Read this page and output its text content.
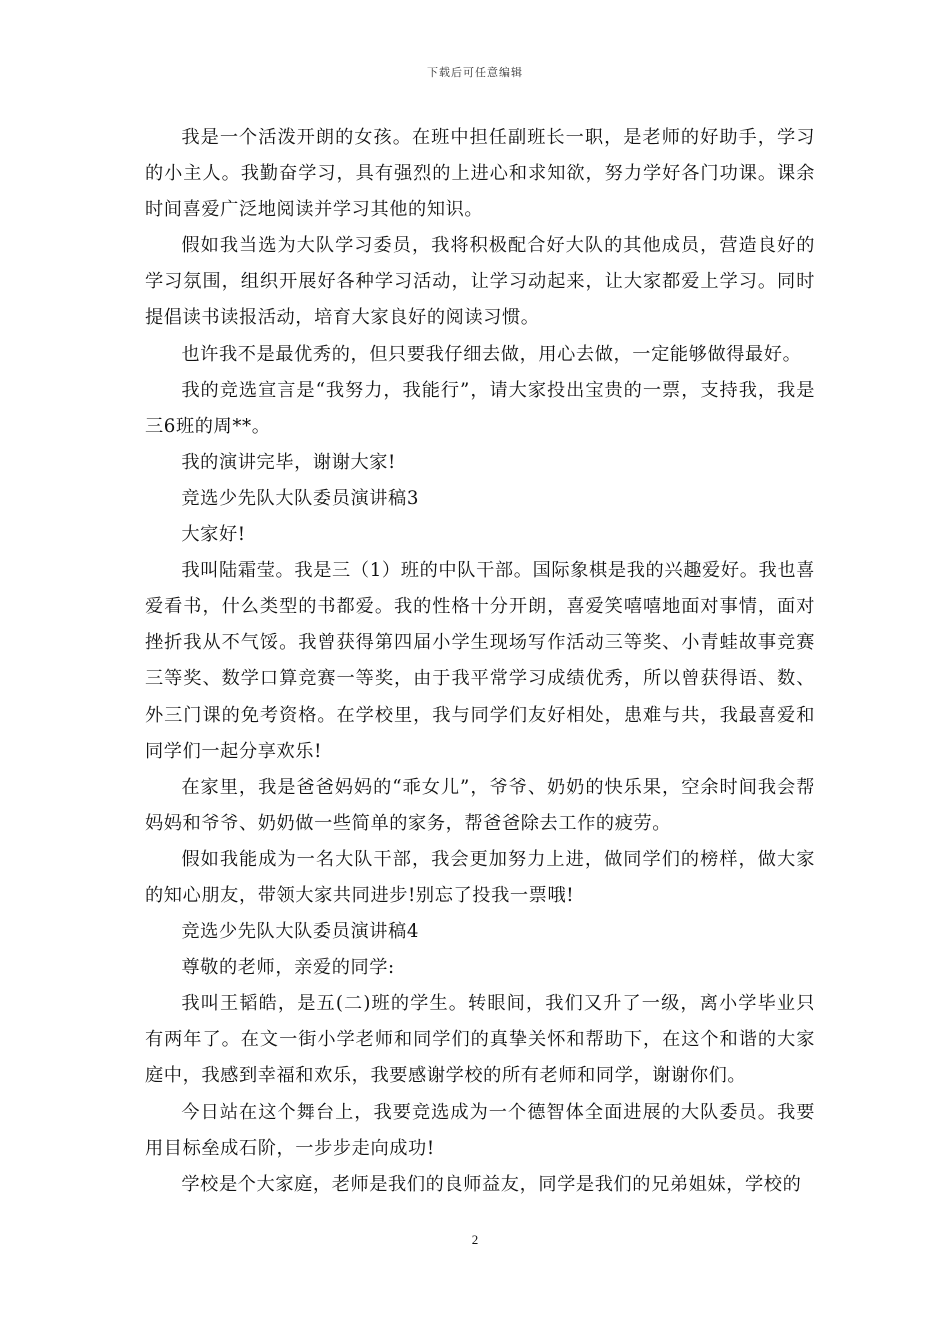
下载后可任意编辑

我是一个活泼开朗的女孩。在班中担任副班长一职，是老师的好助手，学习的小主人。我勤奋学习，具有强烈的上进心和求知欲，努力学好各门功课。课余时间喜爱广泛地阅读并学习其他的知识。

假如我当选为大队学习委员，我将积极配合好大队的其他成员，营造良好的学习氛围，组织开展好各种学习活动，让学习动起来，让大家都爱上学习。同时提倡读书读报活动，培育大家良好的阅读习惯。

也许我不是最优秀的，但只要我仔细去做，用心去做，一定能够做得最好。

我的竞选宣言是“我努力，我能行”，请大家投出宝贵的一票，支持我，我是三6班的周**。

我的演讲完毕，谢谢大家!

竞选少先队大队委员演讲稿3

大家好!

我叫陆霜莹。我是三（1）班的中队干部。国际象棋是我的兴趣爱好。我也喜爱看书，什么类型的书都爱。我的性格十分开朗，喜爱笑嘻嘻地面对事情，面对挫折我从不气馁。我曾获得第四届小学生现场写作活动三等奖、小青蛙故事竞赛三等奖、数学口算竞赛一等奖，由于我平常学习成绩优秀，所以曾获得语、数、外三门课的免考资格。在学校里，我与同学们友好相处，患难与共，我最喜爱和同学们一起分享欢乐!

在家里，我是爸爸妈妈的“乖女儿”，爷爷、奶奶的快乐果，空余时间我会帮妈妈和爷爷、奶奶做一些简单的家务，帮爸爸除去工作的疲劳。

假如我能成为一名大队干部，我会更加努力上进，做同学们的榜样，做大家的知心朋友，带领大家共同进步!别忘了投我一票哦!

竞选少先队大队委员演讲稿4

尊敬的老师，亲爱的同学:

我叫王韬皓，是五(二)班的学生。转眼间，我们又升了一级，离小学毕业只有两年了。在文一街小学老师和同学们的真挚关怀和帮助下，在这个和谐的大家庭中，我感到幸福和欢乐，我要感谢学校的所有老师和同学，谢谢你们。

今日站在这个舞台上，我要竞选成为一个德智体全面进展的大队委员。我要用目标垒成石阶，一步步走向成功!

学校是个大家庭，老师是我们的良师益友，同学是我们的兄弟姐妹，学校的

2
